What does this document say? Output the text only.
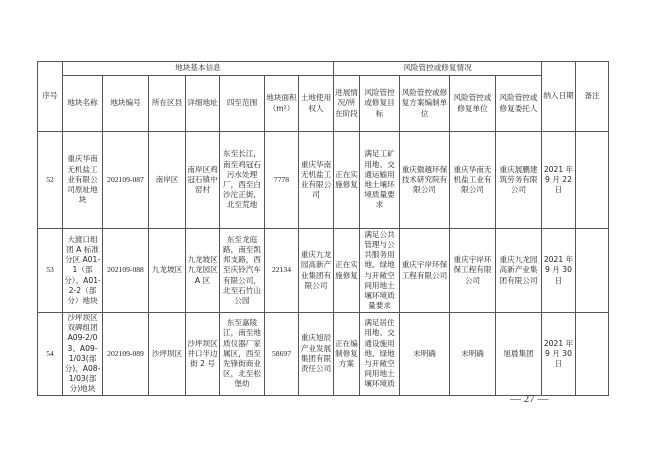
序号	地块基本信息							风险管控或修复情况					纳入日期	备注
	地块名称	地块编号	所在区县	详细地址	四至范围	地块面积（m²）	土地使用权人	进展情况/所在阶段	风险管控或修复目标	风险管控或修复方案编制单位	风险管控或修复单位	风险管控或修复委托人		
52	重庆华南无机盐工业有限公司原址地块	202109-087	南岸区	南岸区鸡冠石镇中窑村	东至长江，南至鸡冠石污水处理厂，西至白沙沱正街，北至荒地	7778	重庆华南无机盐工业有限公司	正在实施修复	满足工矿用地、交通运输用地土壤环境质量要求	重庆傲越环保技术研究院有限公司	重庆华南无机盐工业有限公司	重庆展鹏建筑劳务有限公司	2021 年 9 月 22 日	
53	大渡口组团 A 标准分区 A01-1（部分）、A01-2-2（部分）地块	202109-088	九龙坡区	九龙坡区九龙园区 A 区	东至龙庭路，南至凯邦支路，西至庆铃汽车有限公司，北至石竹山公园	22134	重庆九龙园高新产业集团有限公司	正在实施修复	满足公共管理与公共服务用地、绿地与开敞空间用地土壤环境质量要求	重庆宇岸环保工程有限公司	重庆宇岸环保工程有限公司	重庆九龙园高新产业集团有限公司	2021 年 9 月 30 日	
54	沙坪坝区双碑组团 A09-2/03、A09-1/03(部分)、A08-1/03(部分)地块	202109-089	沙坪坝区	沙坪坝区井口半边街 2 号	东至嘉陵江，南至地质仪器厂家属区，西至先锋街商业区，北至松堡幼	58697	重庆旭辰产业发展集团有限责任公司	正在编制修复方案	满足居住用地、交通设施用地、绿地与开敞空间用地土壤环境质	未明确	未明确	旭晨集团	2021 年 9 月 30 日	
— 27 —
